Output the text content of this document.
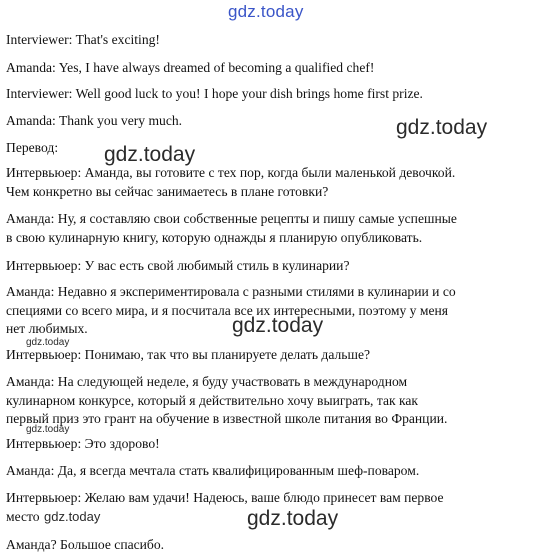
gdz.today
Interviewer: That's exciting!
Amanda: Yes, I have always dreamed of becoming a qualified chef!
Interviewer: Well good luck to you! I hope your dish brings home first prize.
Amanda: Thank you very much.
Перевод:
Интервьюер: Аманда, вы готовите с тех пор, когда были маленькой девочкой.
Чем конкретно вы сейчас занимаетесь в плане готовки?
Аманда: Ну, я составляю свои собственные рецепты и пишу самые успешные
в свою кулинарную книгу, которую однажды я планирую опубликовать.
Интервьюер: У вас есть свой любимый стиль в кулинарии?
Аманда: Недавно я экспериментировала с разными стилями в кулинарии и со
специями со всего мира, и я посчитала все их интересными, поэтому у меня
нет любимых.
Интервьюер: Понимаю, так что вы планируете делать дальше?
Аманда: На следующей неделе, я буду участвовать в международном
кулинарном конкурсе, который я действительно хочу выиграть, так как
первый приз это грант на обучение в известной школе питания во Франции.
Интервьюер: Это здорово!
Аманда: Да, я всегда мечтала стать квалифицированным шеф-поваром.
Интервьюер: Желаю вам удачи! Надеюсь, ваше блюдо принесет вам первое
место
Аманда? Большое спасибо.
gdz.today
gdz.today
gdz.today
gdz.today
gdz.today
gdz.today	gdz.today
